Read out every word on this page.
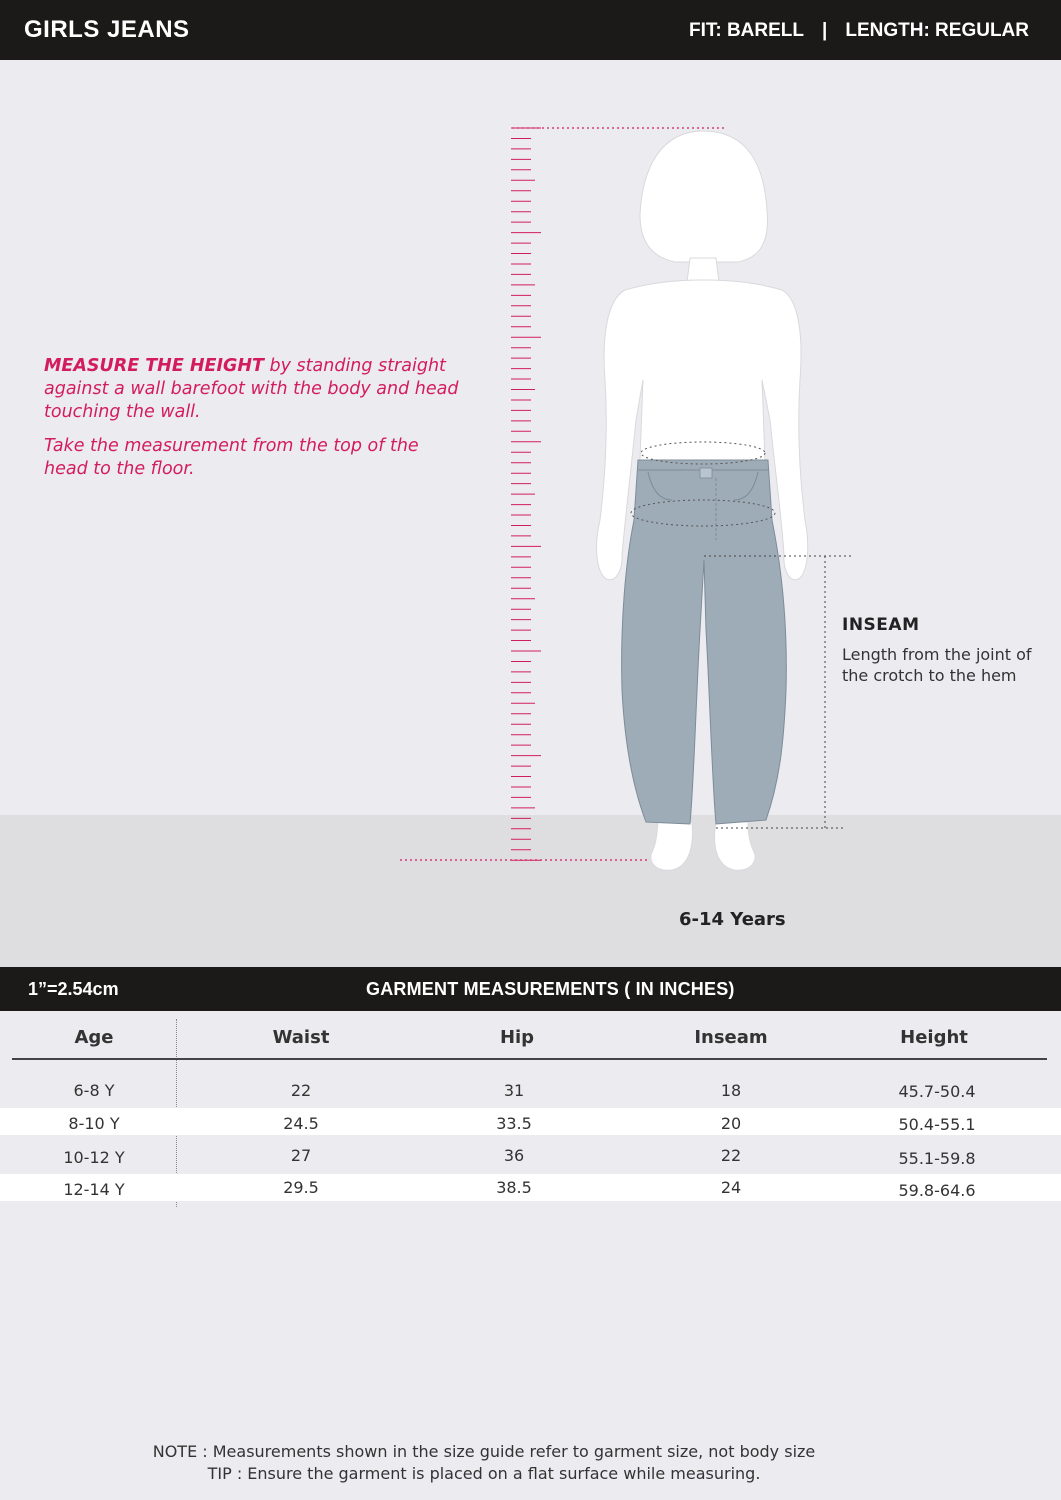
GIRLS JEANS	FIT: BARELL | LENGTH: REGULAR

MEASURE THE HEIGHT by standing straight against a wall barefoot with the body and head touching the wall.

Take the measurement from the top of the head to the floor.

INSEAM
Length from the joint of the crotch to the hem
6-14 Years
1”=2.54cm	GARMENT MEASUREMENTS ( IN INCHES)
Age	Waist	Hip	Inseam	Height
6-8 Y	22	31	18	45.7-50.4
8-10 Y	24.5	33.5	20	50.4-55.1
10-12 Y	27	36	22	55.1-59.8
12-14 Y	29.5	38.5	24	59.8-64.6
NOTE : Measurements shown in the size guide refer to garment size, not body size
TIP : Ensure the garment is placed on a flat surface while measuring.
